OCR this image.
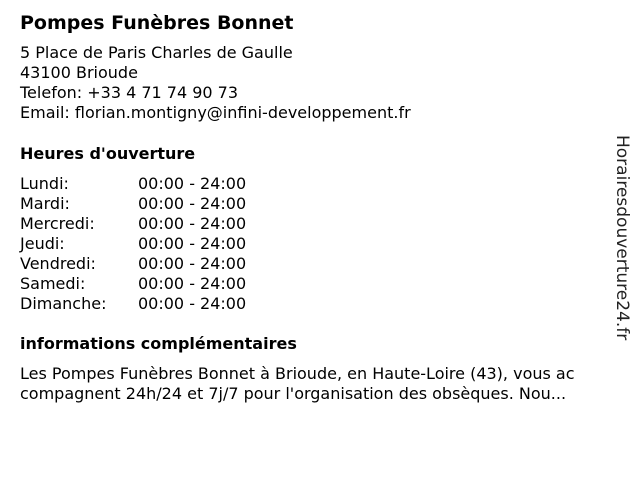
Pompes Funèbres Bonnet
5 Place de Paris Charles de Gaulle
43100 Brioude
Telefon: +33 4 71 74 90 73
Email: florian.montigny@infini-developpement.fr
Heures d'ouverture
Lundi:	00:00 - 24:00
Mardi:	00:00 - 24:00
Mercredi:	00:00 - 24:00
Jeudi:	00:00 - 24:00
Vendredi:	00:00 - 24:00
Samedi:	00:00 - 24:00
Dimanche: 00:00 - 24:00
informations complémentaires
Les Pompes Funèbres Bonnet à Brioude, en Haute-Loire (43), vous ac
compagnent 24h/24 et 7j/7 pour l'organisation des obsèques. Nou...
Horairesdouverture24.fr
